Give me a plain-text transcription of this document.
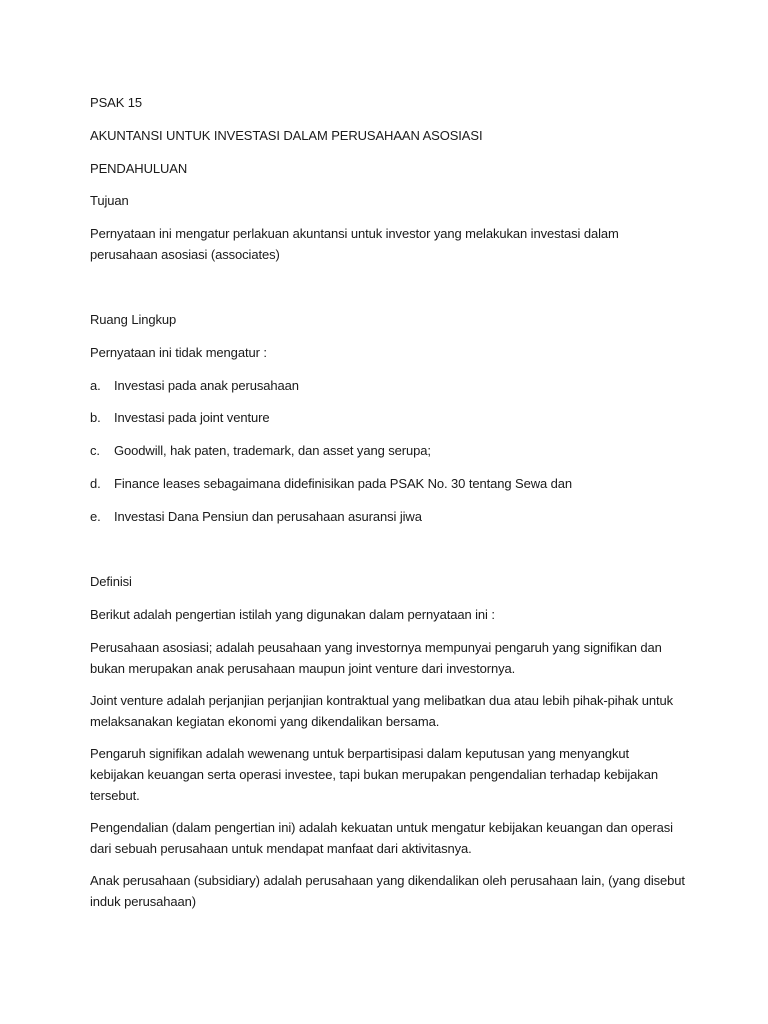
PSAK 15

AKUNTANSI UNTUK INVESTASI DALAM PERUSAHAAN ASOSIASI

PENDAHULUAN

Tujuan

Pernyataan ini mengatur perlakuan akuntansi untuk investor yang melakukan investasi dalam

perusahaan asosiasi (associates)

Ruang Lingkup

Pernyataan ini tidak mengatur :

a. Investasi pada anak perusahaan

b. Investasi pada joint venture

c. Goodwill, hak paten, trademark, dan asset yang serupa;

d. Finance leases sebagaimana didefinisikan pada PSAK No. 30 tentang Sewa dan

e. Investasi Dana Pensiun dan perusahaan asuransi jiwa

Definisi

Berikut adalah pengertian istilah yang digunakan dalam pernyataan ini :

Perusahaan asosiasi; adalah peusahaan yang investornya mempunyai pengaruh yang signifikan dan

bukan merupakan anak perusahaan maupun joint venture dari investornya.

Joint venture adalah perjanjian perjanjian kontraktual yang melibatkan dua atau lebih pihak-pihak untuk

melaksanakan kegiatan ekonomi yang dikendalikan bersama.

Pengaruh signifikan adalah wewenang untuk berpartisipasi dalam keputusan yang menyangkut

kebijakan keuangan serta operasi investee, tapi bukan merupakan pengendalian terhadap kebijakan

tersebut.

Pengendalian (dalam pengertian ini) adalah kekuatan untuk mengatur kebijakan keuangan dan operasi

dari sebuah perusahaan untuk mendapat manfaat dari aktivitasnya.

Anak perusahaan (subsidiary) adalah perusahaan yang dikendalikan oleh perusahaan lain, (yang disebut

induk perusahaan)
